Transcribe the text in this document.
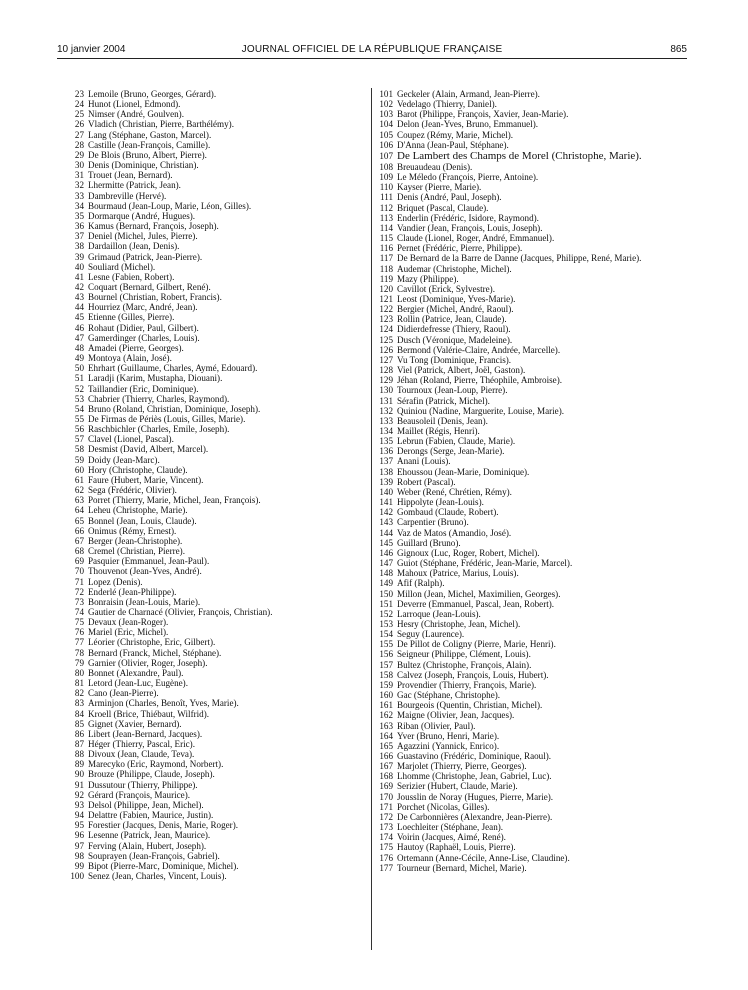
10 janvier 2004	JOURNAL OFFICIEL DE LA RÉPUBLIQUE FRANÇAISE	865
23 Lemoile (Bruno, Georges, Gérard).
24 Hunot (Lionel, Edmond).
25 Nimser (André, Goulven).
26 Vladich (Christian, Pierre, Barthélémy).
27 Lang (Stéphane, Gaston, Marcel).
28 Castille (Jean-François, Camille).
29 De Blois (Bruno, Albert, Pierre).
30 Denis (Dominique, Christian).
31 Trouet (Jean, Bernard).
32 Lhermitte (Patrick, Jean).
33 Dambreville (Hervé).
34 Bourmaud (Jean-Loup, Marie, Léon, Gilles).
35 Dormarque (André, Hugues).
36 Kamus (Bernard, François, Joseph).
37 Deniel (Michel, Jules, Pierre).
38 Dardaillon (Jean, Denis).
39 Grimaud (Patrick, Jean-Pierre).
40 Souliard (Michel).
41 Lesne (Fabien, Robert).
42 Coquart (Bernard, Gilbert, René).
43 Bournel (Christian, Robert, Francis).
44 Hourriez (Marc, André, Jean).
45 Etienne (Gilles, Pierre).
46 Rohaut (Didier, Paul, Gilbert).
47 Gamerdinger (Charles, Louis).
48 Amadei (Pierre, Georges).
49 Montoya (Alain, José).
50 Ehrhart (Guillaume, Charles, Aymé, Edouard).
51 Laradji (Karim, Mustapha, Diouani).
52 Taillandier (Eric, Dominique).
53 Chabrier (Thierry, Charles, Raymond).
54 Bruno (Roland, Christian, Dominique, Joseph).
55 De Firmas de Périès (Louis, Gilles, Marie).
56 Raschbichler (Charles, Emile, Joseph).
57 Clavel (Lionel, Pascal).
58 Desmist (David, Albert, Marcel).
59 Doidy (Jean-Marc).
60 Hory (Christophe, Claude).
61 Faure (Hubert, Marie, Vincent).
62 Sega (Frédéric, Olivier).
63 Porret (Thierry, Marie, Michel, Jean, François).
64 Leheu (Christophe, Marie).
65 Bonnel (Jean, Louis, Claude).
66 Onimus (Rémy, Ernest).
67 Berger (Jean-Christophe).
68 Cremel (Christian, Pierre).
69 Pasquier (Emmanuel, Jean-Paul).
70 Thouvenot (Jean-Yves, André).
71 Lopez (Denis).
72 Enderlé (Jean-Philippe).
73 Bonraisin (Jean-Louis, Marie).
74 Gautier de Charnacé (Olivier, François, Christian).
75 Devaux (Jean-Roger).
76 Mariel (Eric, Michel).
77 Léorier (Christophe, Eric, Gilbert).
78 Bernard (Franck, Michel, Stéphane).
79 Garnier (Olivier, Roger, Joseph).
80 Bonnet (Alexandre, Paul).
81 Letord (Jean-Luc, Eugène).
82 Cano (Jean-Pierre).
83 Arminjon (Charles, Benoît, Yves, Marie).
84 Kroell (Brice, Thiébaut, Wilfrid).
85 Gignet (Xavier, Bernard).
86 Libert (Jean-Bernard, Jacques).
87 Héger (Thierry, Pascal, Eric).
88 Divoux (Jean, Claude, Teva).
89 Marecyko (Eric, Raymond, Norbert).
90 Brouze (Philippe, Claude, Joseph).
91 Dussutour (Thierry, Philippe).
92 Gérard (François, Maurice).
93 Delsol (Philippe, Jean, Michel).
94 Delattre (Fabien, Maurice, Justin).
95 Forestier (Jacques, Denis, Marie, Roger).
96 Lesenne (Patrick, Jean, Maurice).
97 Ferving (Alain, Hubert, Joseph).
98 Souprayen (Jean-François, Gabriel).
99 Bipot (Pierre-Marc, Dominique, Michel).
100 Senez (Jean, Charles, Vincent, Louis).
101 Geckeler (Alain, Armand, Jean-Pierre).
102 Vedelago (Thierry, Daniel).
103 Barot (Philippe, François, Xavier, Jean-Marie).
104 Delon (Jean-Yves, Bruno, Emmanuel).
105 Coupez (Rémy, Marie, Michel).
106 D'Anna (Jean-Paul, Stéphane).
107 De Lambert des Champs de Morel (Christophe, Marie).
108 Breuaudeau (Denis).
109 Le Méledo (François, Pierre, Antoine).
110 Kayser (Pierre, Marie).
111 Denis (André, Paul, Joseph).
112 Briquet (Pascal, Claude).
113 Enderlin (Frédéric, Isidore, Raymond).
114 Vandier (Jean, François, Louis, Joseph).
115 Claude (Lionel, Roger, André, Emmanuel).
116 Pernet (Frédéric, Pierre, Philippe).
117 De Bernard de la Barre de Danne (Jacques, Philippe, René, Marie).
118 Audemar (Christophe, Michel).
119 Mazy (Philippe).
120 Cavillot (Erick, Sylvestre).
121 Leost (Dominique, Yves-Marie).
122 Bergier (Michel, André, Raoul).
123 Rollin (Patrice, Jean, Claude).
124 Didierdefresse (Thiery, Raoul).
125 Dusch (Véronique, Madeleine).
126 Bermond (Valérie-Claire, Andrée, Marcelle).
127 Vu Tong (Dominique, Francis).
128 Viel (Patrick, Albert, Joël, Gaston).
129 Jéhan (Roland, Pierre, Théophile, Ambroise).
130 Tournoux (Jean-Loup, Pierre).
131 Sérafin (Patrick, Michel).
132 Quiniou (Nadine, Marguerite, Louise, Marie).
133 Beausoleil (Denis, Jean).
134 Maillet (Régis, Henri).
135 Lebrun (Fabien, Claude, Marie).
136 Derongs (Serge, Jean-Marie).
137 Anani (Louis).
138 Ehoussou (Jean-Marie, Dominique).
139 Robert (Pascal).
140 Weber (René, Chrétien, Rémy).
141 Hippolyte (Jean-Louis).
142 Gombaud (Claude, Robert).
143 Carpentier (Bruno).
144 Vaz de Matos (Amandio, José).
145 Guillard (Bruno).
146 Gignoux (Luc, Roger, Robert, Michel).
147 Guiot (Stéphane, Frédéric, Jean-Marie, Marcel).
148 Mahoux (Patrice, Marius, Louis).
149 Afif (Ralph).
150 Millon (Jean, Michel, Maximilien, Georges).
151 Deverre (Emmanuel, Pascal, Jean, Robert).
152 Larroque (Jean-Louis).
153 Hesry (Christophe, Jean, Michel).
154 Seguy (Laurence).
155 De Pillot de Coligny (Pierre, Marie, Henri).
156 Seigneur (Philippe, Clément, Louis).
157 Bultez (Christophe, François, Alain).
158 Calvez (Joseph, François, Louis, Hubert).
159 Provendier (Thierry, François, Marie).
160 Gac (Stéphane, Christophe).
161 Bourgeois (Quentin, Christian, Michel).
162 Maigne (Olivier, Jean, Jacques).
163 Riban (Olivier, Paul).
164 Yver (Bruno, Henri, Marie).
165 Agazzini (Yannick, Enrico).
166 Guastavino (Frédéric, Dominique, Raoul).
167 Marjolet (Thierry, Pierre, Georges).
168 Lhomme (Christophe, Jean, Gabriel, Luc).
169 Serizier (Hubert, Claude, Marie).
170 Jousslin de Noray (Hugues, Pierre, Marie).
171 Porchet (Nicolas, Gilles).
172 De Carbonnières (Alexandre, Jean-Pierre).
173 Loechleiter (Stéphane, Jean).
174 Voirin (Jacques, Aimé, René).
175 Hautoy (Raphaël, Louis, Pierre).
176 Ortemann (Anne-Cécile, Anne-Lise, Claudine).
177 Tourneur (Bernard, Michel, Marie).
